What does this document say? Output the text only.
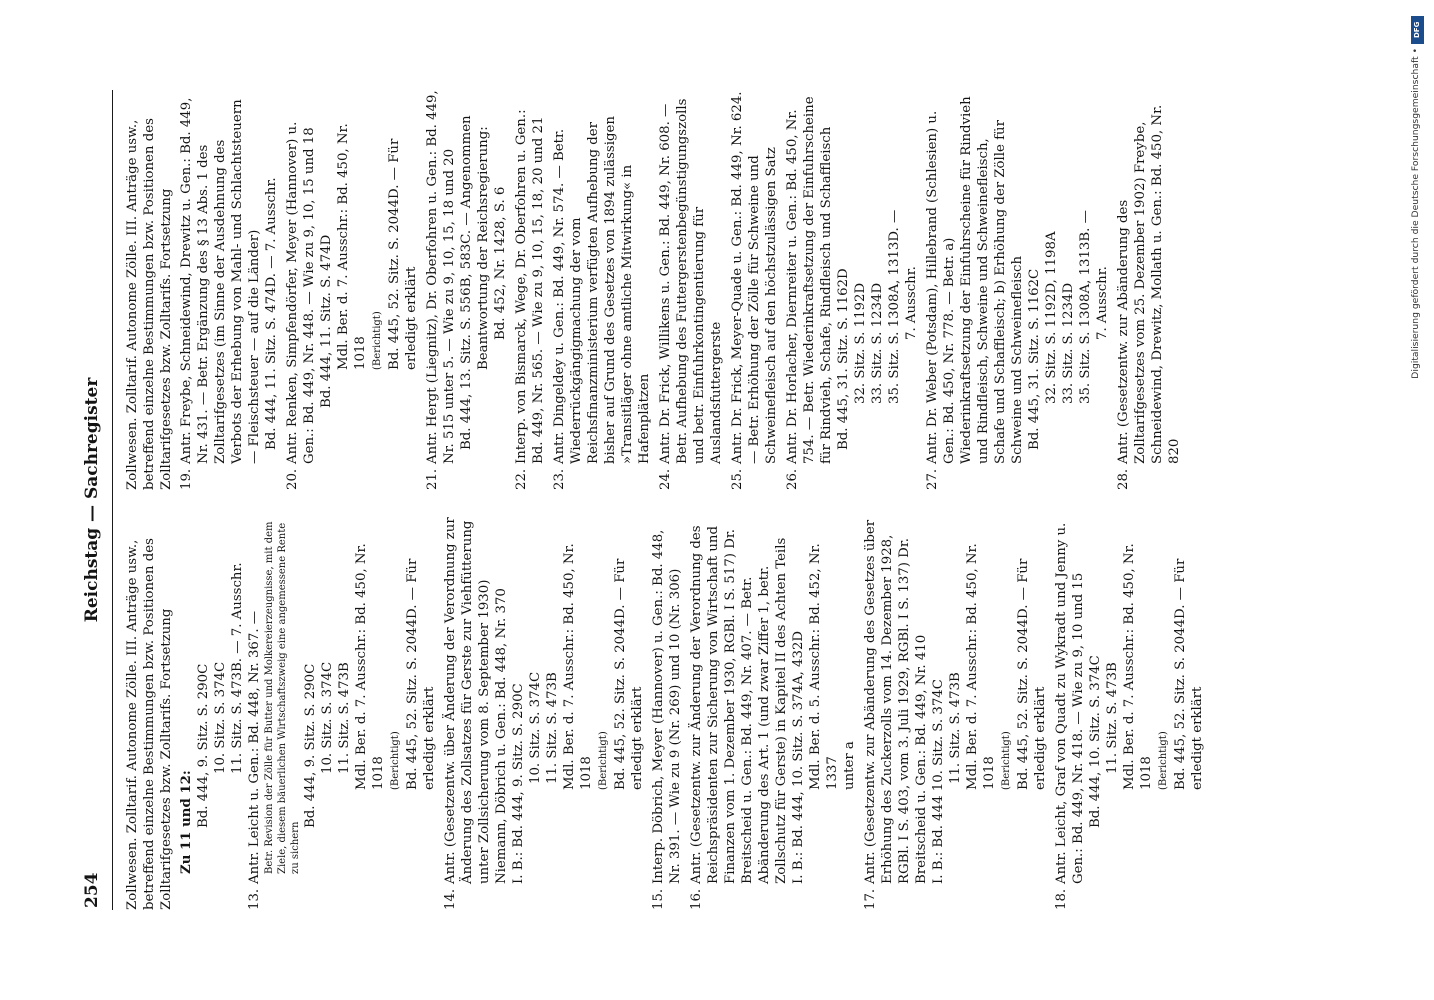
254
Reichstag — Sachregister
Zollwesen. Zolltarif. Autonome Zölle. III. Anträge usw., betreffend einzelne Bestimmungen bzw. Positionen des Zolltarifgesetzes bzw. Zolltarifs. Fortsetzung Zu 11 und 12: Bd. 444, 9. Sitz. S. 290C 10. Sitz. S. 374C 11. Sitz. S. 473B. — 7. Ausschr.
13.Antr. Leicht u. Gen.: Bd. 448, Nr. 367. — Betr. Revision der Zölle für Butter und Molkereierzeugnisse, mit dem Ziele, diesem bäuerlichen Wirtschaftszweig eine angemessene Rente zu sichern
Bd. 444, 9. Sitz. S. 290C 10. Sitz. S. 374C 11. Sitz. S. 473B Mdl. Ber. d. 7. Ausschr.: Bd. 450, Nr. 1018 (Berichtigt) Bd. 445, 52. Sitz. S. 2044D. — Für erledigt erklärt
14.Antr. (Gesetzentw. über Änderung der Verordnung zur Änderung des Zollsatzes für Gerste zur Viehfütterung unter Zollsicherung vom 8. September 1930) Niemann, Döbrich u. Gen.: Bd. 448, Nr. 370 I. B.: Bd. 444, 9. Sitz. S. 290C 10. Sitz. S. 374C 11. Sitz. S. 473B Mdl. Ber. d. 7. Ausschr.: Bd. 450, Nr. 1018 (Berichtigt) Bd. 445, 52. Sitz. S. 2044D. — Für erledigt erklärt
15.Interp. Döbrich, Meyer (Hannover) u. Gen.: Bd. 448, Nr. 391. — Wie zu 9 (Nr. 269) und 10 (Nr. 306)
16.Antr. (Gesetzentw. zur Änderung der Verordnung des Reichspräsidenten zur Sicherung von Wirtschaft und Finanzen vom 1. Dezember 1930, RGBl. I S. 517) Dr. Breitscheid u. Gen.: Bd. 449, Nr. 407. — Betr. Abänderung des Art. 1 (und zwar Ziffer 1, betr. Zollschutz für Gerste) in Kapitel II des Achten Teils I. B.: Bd. 444, 10. Sitz. S. 374A, 432D Mdl. Ber. d. 5. Ausschr.: Bd. 452, Nr. 1337 unter a
17.Antr. (Gesetzentw. zur Abänderung des Gesetzes über Erhöhung des Zuckerzolls vom 14. Dezember 1928, RGBl. I S. 403, vom 3. Juli 1929, RGBl. I S. 137) Dr. Breitscheid u. Gen.: Bd. 449, Nr. 410 I. B.: Bd. 444 10. Sitz. S. 374C 11. Sitz. S. 473B Mdl. Ber. d. 7. Ausschr.: Bd. 450, Nr. 1018 (Berichtigt) Bd. 445, 52. Sitz. S. 2044D. — Für erledigt erklärt
18.Antr. Leicht, Graf von Quadt zu Wykradt und Jenny u. Gen.: Bd. 449, Nr. 418. — Wie zu 9, 10 und 15 Bd. 444, 10. Sitz. S. 374C 11. Sitz. S. 473B Mdl. Ber. d. 7. Ausschr.: Bd. 450, Nr. 1018 (Berichtigt) Bd. 445, 52. Sitz. S. 2044D. — Für erledigt erklärt
Zollwesen. Zolltarif. Autonome Zölle. III. Anträge usw., betreffend einzelne Bestimmungen bzw. Positionen des Zolltarifgesetzes bzw. Zolltarifs. Fortsetzung 19.Antr. Freybe, Schneidewind, Drewitz u. Gen.: Bd. 449, Nr. 431. — Betr. Ergänzung des § 13 Abs. 1 des Zolltarifgesetzes (im Sinne der Ausdehnung des Verbots der Erhebung von Mahl- und Schlachtsteuern — Fleischsteuer — auf die Länder) Bd. 444, 11. Sitz. S. 474D. — 7. Ausschr.
20.Antr. Renken, Simpfendörfer, Meyer (Hannover) u. Gen.: Bd. 449, Nr. 448. — Wie zu 9, 10, 15 und 18 Bd. 444, 11. Sitz. S. 474D Mdl. Ber. d. 7. Ausschr.: Bd. 450, Nr. 1018 (Berichtigt) Bd. 445, 52. Sitz. S. 2044D. — Für erledigt erklärt
21.Antr. Hergt (Liegnitz), Dr. Oberfohren u. Gen.: Bd. 449, Nr. 515 unter 5. — Wie zu 9, 10, 15, 18 und 20 Bd. 444, 13. Sitz. S. 556B, 583C. — Angenommen Beantwortung der Reichsregierung: Bd. 452, Nr. 1428, S. 6
22.Interp. von Bismarck, Wege, Dr. Oberfohren u. Gen.: Bd. 449, Nr. 565. — Wie zu 9, 10, 15, 18, 20 und 21
23.Antr. Dingeldey u. Gen.: Bd. 449, Nr. 574. — Betr. Wiederrückgängigmachung der vom Reichsfinanzministerium verfügten Aufhebung der bisher auf Grund des Gesetzes von 1894 zulässigen »Transitläger ohne amtliche Mitwirkung« in Hafenplätzen
24.Antr. Dr. Frick, Willikens u. Gen.: Bd. 449, Nr. 608. — Betr. Aufhebung des Futtergerstenbegünstigungszolls und betr. Einfuhrkontingentierung für Auslandsfuttergerste
25.Antr. Dr. Frick, Meyer-Quade u. Gen.: Bd. 449, Nr. 624. — Betr. Erhöhung der Zölle für Schweine und Schweinefleisch auf den höchstzulässigen Satz
26.Antr. Dr. Horlacher, Diernreiter u. Gen.: Bd. 450, Nr. 754. — Betr. Wiederinkraftsetzung der Einfuhrscheine für Rindvieh, Schafe, Rindfleisch und Schaffleisch Bd. 445, 31. Sitz. S. 1162D 32. Sitz. S. 1192D 33. Sitz. S. 1234D 35. Sitz. S. 1308A, 1313D. — 7. Ausschr.
27.Antr. Dr. Weber (Potsdam), Hillebrand (Schlesien) u. Gen.: Bd. 450, Nr. 778. — Betr. a) Wiederinkraftsetzung der Einfuhrscheine für Rindvieh und Rindfleisch, Schweine und Schweinefleisch, Schafe und Schaffleisch; b) Erhöhung der Zölle für Schweine und Schweinefleisch Bd. 445, 31. Sitz. S. 1162C 32. Sitz. S. 1192D, 1198A 33. Sitz. S. 1234D 35. Sitz. S. 1308A, 1313B. — 7. Ausschr.
28.Antr. (Gesetzentw. zur Abänderung des Zolltarifgesetzes vom 25. Dezember 1902) Freybe, Schneidewind, Drewitz, Mollath u. Gen.: Bd. 450, Nr. 820
DFG
Digitalisierung gefördert durch die Deutsche Forschungsgemeinschaft •
